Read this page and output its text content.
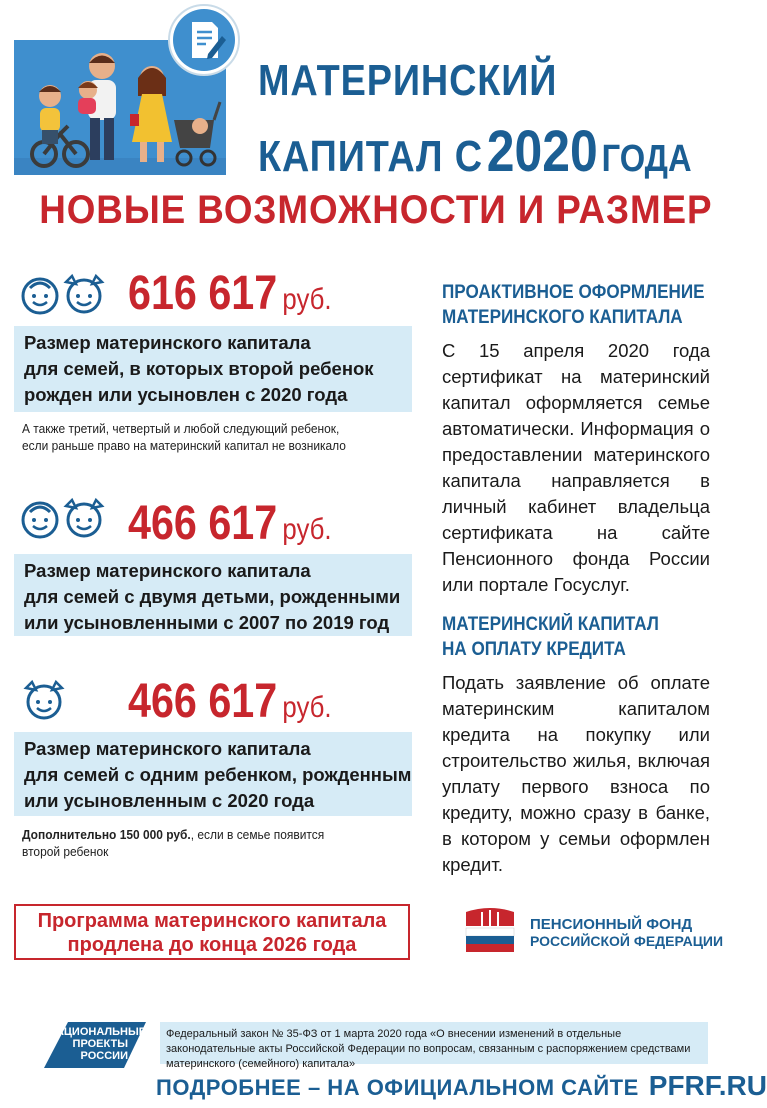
МАТЕРИНСКИЙ
КАПИТАЛ С 2020 ГОДА
НОВЫЕ ВОЗМОЖНОСТИ И РАЗМЕР
616 617 руб.
Размер материнского капитала
для семей, в которых второй ребенок
рожден или усыновлен с 2020 года
А также третий, четвертый и любой следующий ребенок,
если раньше право на материнский капитал не возникало
466 617 руб.
Размер материнского капитала
для семей с двумя детьми, рожденными
или усыновленными с 2007 по 2019 год
466 617 руб.
Размер материнского капитала
для семей с одним ребенком, рожденным
или усыновленным с 2020 года
Дополнительно 150 000 руб., если в семье появится
второй ребенок
Программа материнского капитала
продлена до конца 2026 года
ПРОАКТИВНОЕ ОФОРМЛЕНИЕ
МАТЕРИНСКОГО КАПИТАЛА
С 15 апреля 2020 года сертификат на материнский капитал оформляется семье автоматически. Информация о предоставлении материнского капитала направляется в личный кабинет владельца сертификата на сайте Пенсионного фонда России или портале Госуслуг.
МАТЕРИНСКИЙ КАПИТАЛ
НА ОПЛАТУ КРЕДИТА
Подать заявление об оплате материнским капиталом кредита на покупку или строительство жилья, включая уплату первого взноса по кредиту, можно сразу в банке, в котором у семьи оформлен кредит.
ПЕНСИОННЫЙ ФОНД
РОССИЙСКОЙ ФЕДЕРАЦИИ
НАЦИОНАЛЬНЫЕ
ПРОЕКТЫ
РОССИИ
Федеральный закон № 35-ФЗ от 1 марта 2020 года «О внесении изменений в отдельные законодательные акты Российской Федерации по вопросам, связанным с распоряжением средствами материнского (семейного) капитала»
ПОДРОБНЕЕ – НА ОФИЦИАЛЬНОМ САЙТЕ PFRF.RU
